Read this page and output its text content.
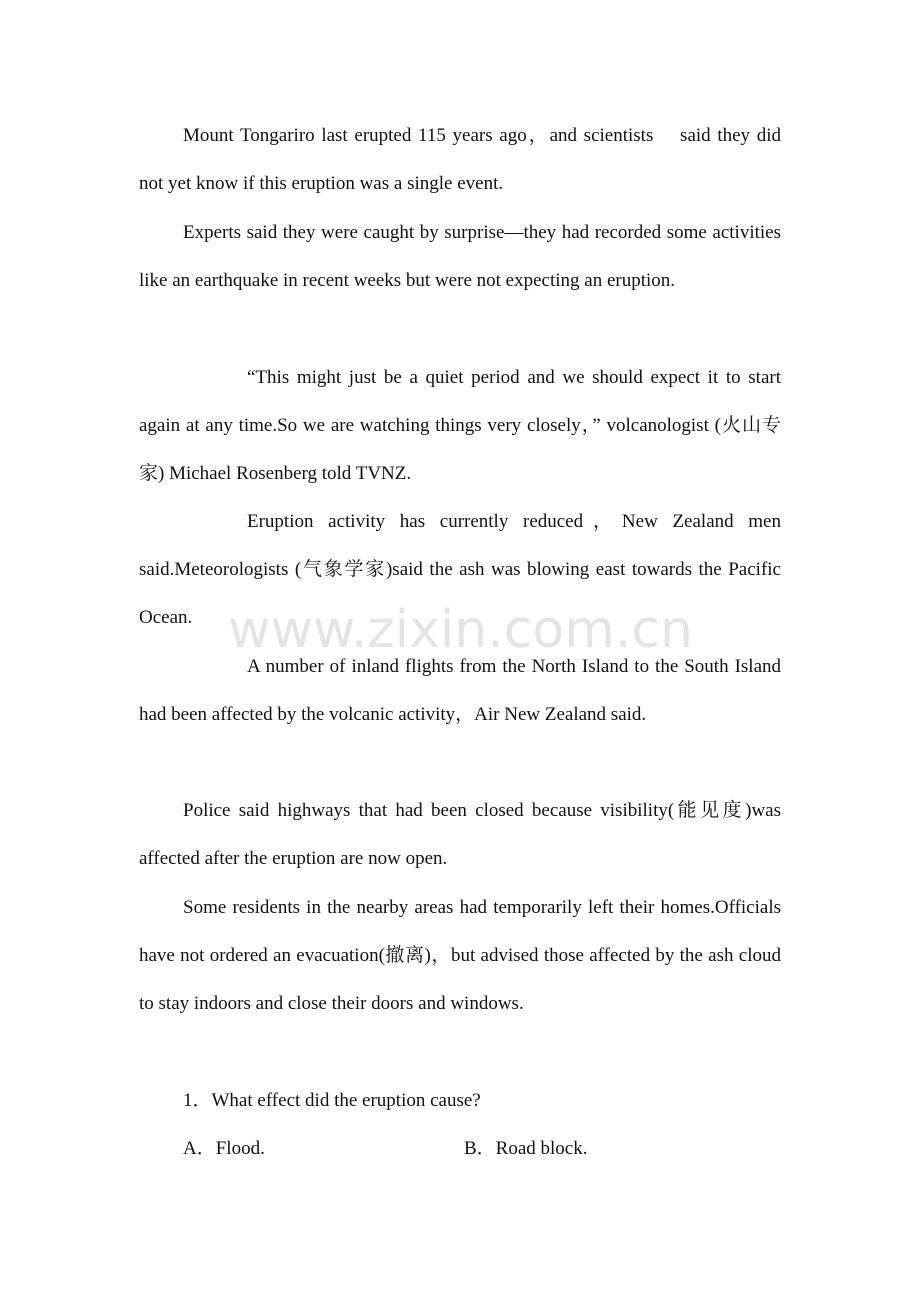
Mount Tongariro last erupted 115 years ago，and scientists    said they did not yet know if this eruption was a single event.

Experts said they were caught by surprise—they had recorded some activities like an earthquake in recent weeks but were not expecting an eruption.

“This might just be a quiet period and we should expect it to start again at any time.So we are watching things very closely，” volcanologist (火山专家) Michael Rosenberg told TVNZ.

Eruption activity has currently reduced，New Zealand men said.Meteorologists (气象学家)said the ash was blowing east towards the Pacific Ocean.

A number of inland flights from the North Island to the South Island had been affected by the volcanic activity，Air New Zealand said.

Police said highways that had been closed because visibility(能见度)was affected after the eruption are now open.

Some residents in the nearby areas had temporarily left their homes.Officials have not ordered an evacuation(撤离)，but advised those affected by the ash cloud to stay indoors and close their doors and windows.

1．What effect did the eruption cause?

A．Flood.	B．Road block.

www.zixin.com.cn
